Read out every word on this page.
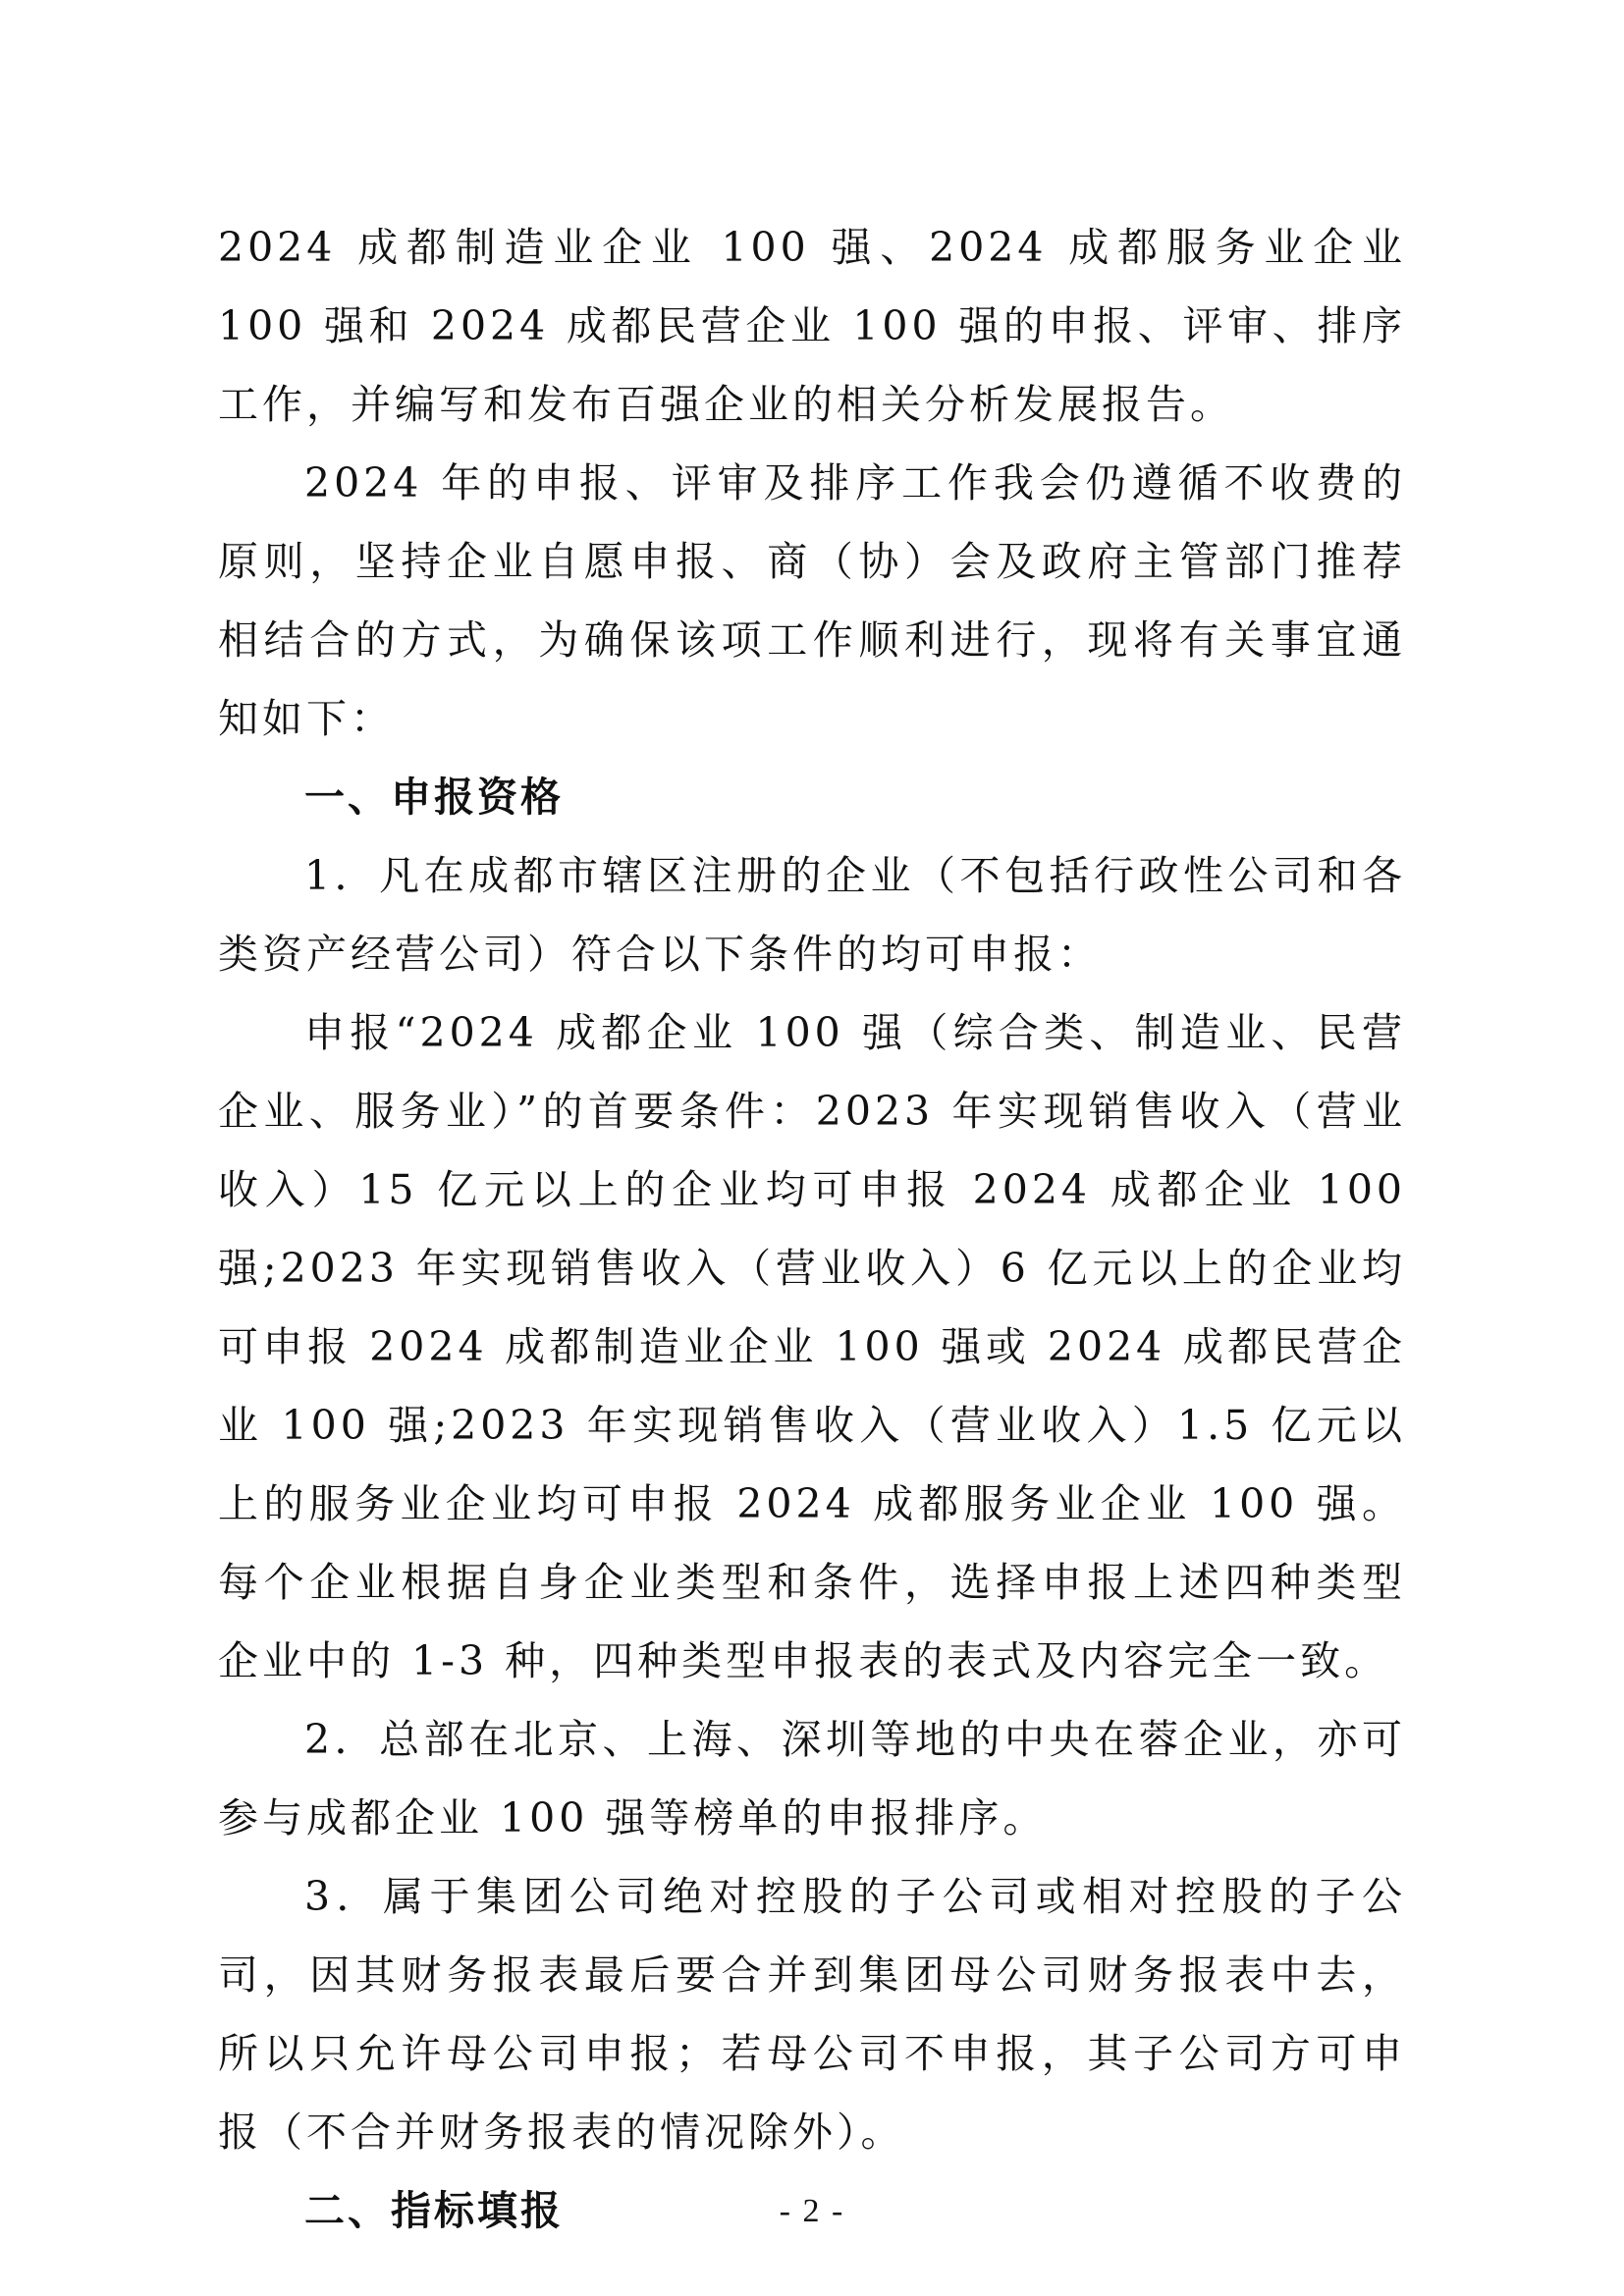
2024 成都制造业企业 100 强、2024 成都服务业企业 100 强和 2024 成都民营企业 100 强的申报、评审、排序工作，并编写和发布百强企业的相关分析发展报告。

2024 年的申报、评审及排序工作我会仍遵循不收费的原则，坚持企业自愿申报、商（协）会及政府主管部门推荐相结合的方式，为确保该项工作顺利进行，现将有关事宜通知如下：

一、申报资格

1．凡在成都市辖区注册的企业（不包括行政性公司和各类资产经营公司）符合以下条件的均可申报：

申报“2024 成都企业 100 强（综合类、制造业、民营企业、服务业）”的首要条件：2023 年实现销售收入（营业收入）15 亿元以上的企业均可申报 2024 成都企业 100 强;2023 年实现销售收入（营业收入）6 亿元以上的企业均可申报 2024 成都制造业企业 100 强或 2024 成都民营企业 100 强;2023 年实现销售收入（营业收入）1.5 亿元以上的服务业企业均可申报 2024 成都服务业企业 100 强。每个企业根据自身企业类型和条件，选择申报上述四种类型企业中的 1-3 种，四种类型申报表的表式及内容完全一致。

2．总部在北京、上海、深圳等地的中央在蓉企业，亦可参与成都企业 100 强等榜单的申报排序。

3．属于集团公司绝对控股的子公司或相对控股的子公司，因其财务报表最后要合并到集团母公司财务报表中去，所以只允许母公司申报；若母公司不申报，其子公司方可申报（不合并财务报表的情况除外）。

二、指标填报	- 2 -
